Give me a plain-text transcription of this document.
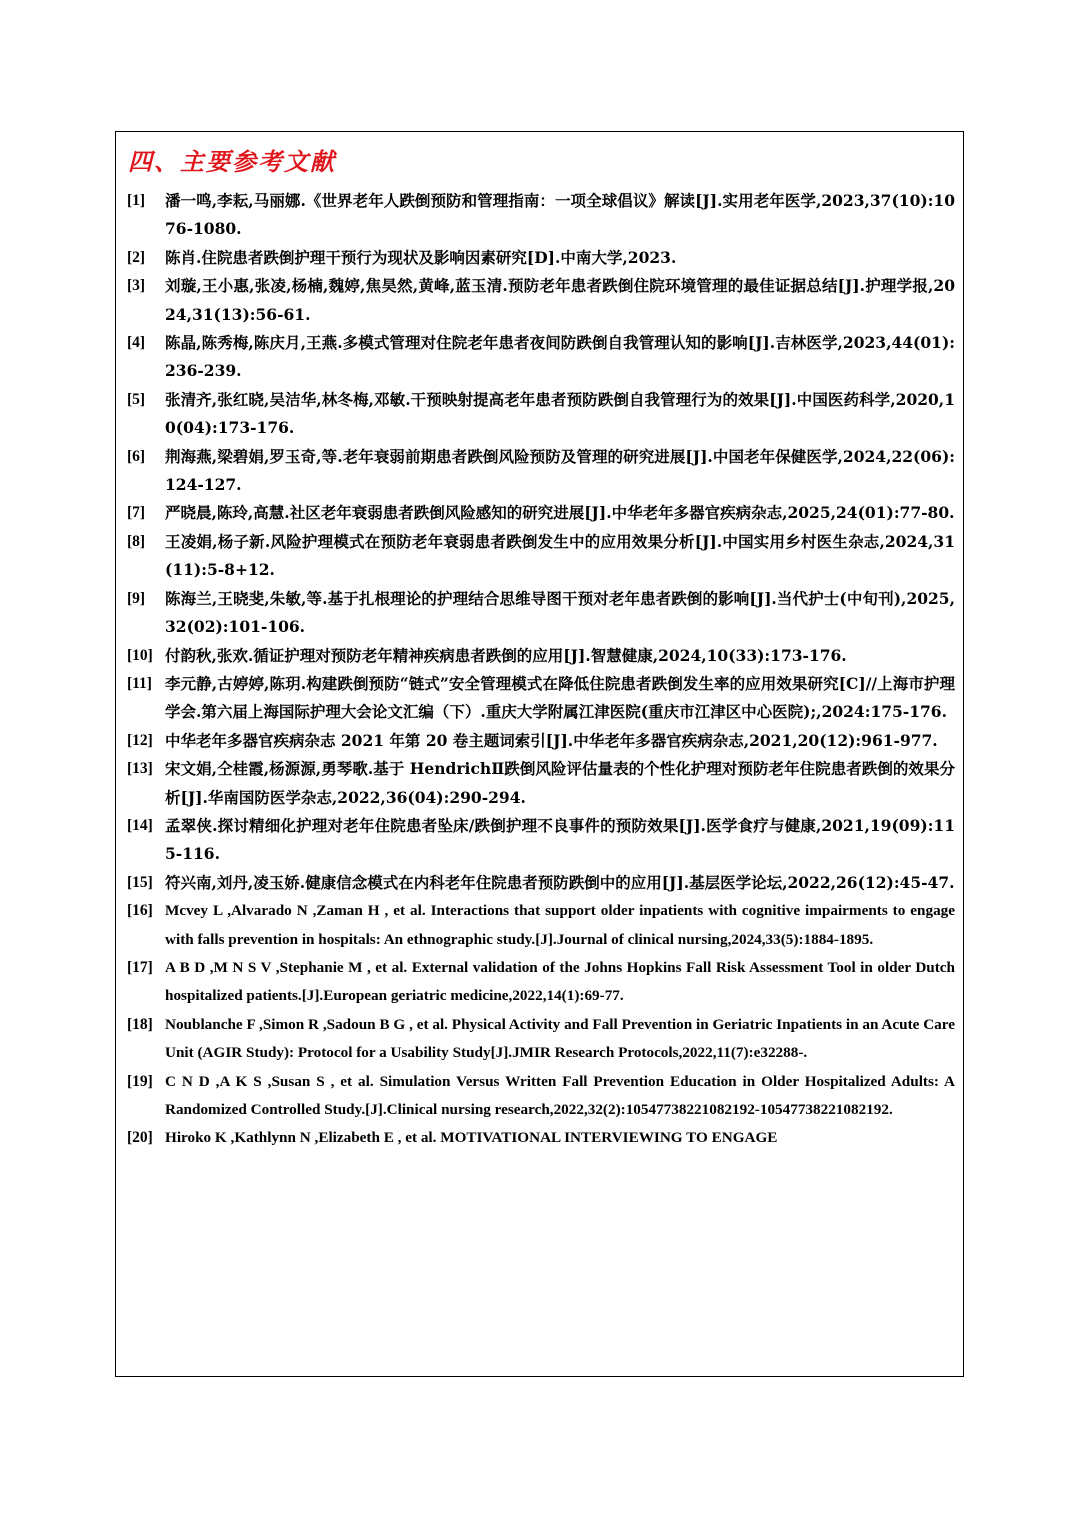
四、主要参考文献
[1]	潘一鸣,李耘,马丽娜.《世界老年人跌倒预防和管理指南：一项全球倡议》解读[J].实用老年医学,2023,37(10):1076-1080.
[2]	陈肖.住院患者跌倒护理干预行为现状及影响因素研究[D].中南大学,2023.
[3]	刘璇,王小惠,张凌,杨楠,魏婷,焦昊然,黄峰,蓝玉清.预防老年患者跌倒住院环境管理的最佳证据总结[J].护理学报,2024,31(13):56-61.
[4]	陈晶,陈秀梅,陈庆月,王燕.多模式管理对住院老年患者夜间防跌倒自我管理认知的影响[J].吉林医学,2023,44(01):236-239.
[5]	张清齐,张红晓,吴洁华,林冬梅,邓敏.干预映射提高老年患者预防跌倒自我管理行为的效果[J].中国医药科学,2020,10(04):173-176.
[6]	荆海燕,梁碧娟,罗玉奇,等.老年衰弱前期患者跌倒风险预防及管理的研究进展[J].中国老年保健医学,2024,22(06):124-127.
[7]	严晓晨,陈玲,高慧.社区老年衰弱患者跌倒风险感知的研究进展[J].中华老年多器官疾病杂志,2025,24(01):77-80.
[8]	王凌娟,杨子新.风险护理模式在预防老年衰弱患者跌倒发生中的应用效果分析[J].中国实用乡村医生杂志,2024,31(11):5-8+12.
[9]	陈海兰,王晓斐,朱敏,等.基于扎根理论的护理结合思维导图干预对老年患者跌倒的影响[J].当代护士(中旬刊),2025,32(02):101-106.
[10] 付韵秋,张欢.循证护理对预防老年精神疾病患者跌倒的应用[J].智慧健康,2024,10(33):173-176.
[11] 李元静,古婷婷,陈玥.构建跌倒预防“链式”安全管理模式在降低住院患者跌倒发生率的应用效果研究[C]//上海市护理学会.第六届上海国际护理大会论文汇编（下）.重庆大学附属江津医院(重庆市江津区中心医院);,2024:175-176.
[12] 中华老年多器官疾病杂志 2021 年第 20 卷主题词索引[J].中华老年多器官疾病杂志,2021,20(12):961-977.
[13] 宋文娟,仝桂霞,杨源源,勇琴歌.基于 HendrichⅡ跌倒风险评估量表的个性化护理对预防老年住院患者跌倒的效果分析[J].华南国防医学杂志,2022,36(04):290-294.
[14] 孟翠侠.探讨精细化护理对老年住院患者坠床/跌倒护理不良事件的预防效果[J].医学食疗与健康,2021,19(09):115-116.
[15] 符兴南,刘丹,凌玉娇.健康信念模式在内科老年住院患者预防跌倒中的应用[J].基层医学论坛,2022,26(12):45-47.
[16] Mcvey L ,Alvarado N ,Zaman H , et al. Interactions that support older inpatients with cognitive impairments to engage with falls prevention in hospitals: An ethnographic study.[J].Journal of clinical nursing,2024,33(5):1884-1895.
[17] A B D ,M N S V ,Stephanie M , et al. External validation of the Johns Hopkins Fall Risk Assessment Tool in older Dutch hospitalized patients.[J].European geriatric medicine,2022,14(1):69-77.
[18] Noublanche F ,Simon R ,Sadoun B G , et al. Physical Activity and Fall Prevention in Geriatric Inpatients in an Acute Care Unit (AGIR Study): Protocol for a Usability Study[J].JMIR Research Protocols,2022,11(7):e32288-.
[19] C N D ,A K S ,Susan S , et al. Simulation Versus Written Fall Prevention Education in Older Hospitalized Adults: A Randomized Controlled Study.[J].Clinical nursing research,2022,32(2):10547738221082192-10547738221082192.
[20] Hiroko K ,Kathlynn N ,Elizabeth E , et al. MOTIVATIONAL INTERVIEWING TO ENGAGE
